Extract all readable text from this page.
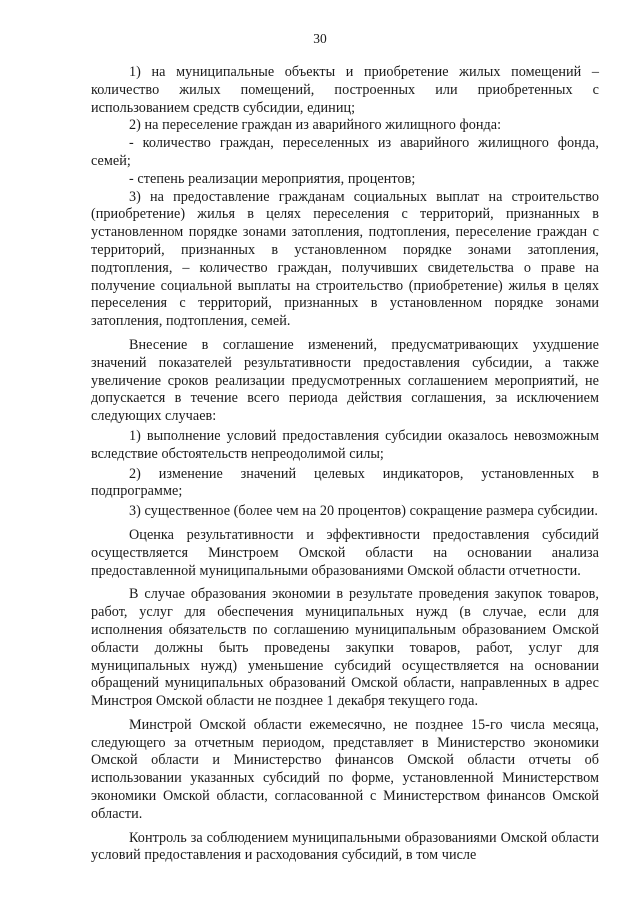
30

1) на муниципальные объекты и приобретение жилых помещений – количество жилых помещений, построенных или приобретенных с использованием средств субсидии, единиц;

2) на переселение граждан из аварийного жилищного фонда:

- количество граждан, переселенных из аварийного жилищного фонда, семей;

- степень реализации мероприятия, процентов;

3) на предоставление гражданам социальных выплат на строительство (приобретение) жилья в целях переселения с территорий, признанных в установленном порядке зонами затопления, подтопления, переселение граждан с территорий, признанных в установленном порядке зонами затопления, подтопления, – количество граждан, получивших свидетельства о праве на получение социальной выплаты на строительство (приобретение) жилья в целях переселения с территорий, признанных в установленном порядке зонами затопления, подтопления, семей.

Внесение в соглашение изменений, предусматривающих ухудшение значений показателей результативности предоставления субсидии, а также увеличение сроков реализации предусмотренных соглашением мероприятий, не допускается в течение всего периода действия соглашения, за исключением следующих случаев:

1) выполнение условий предоставления субсидии оказалось невозможным вследствие обстоятельств непреодолимой силы;

2) изменение значений целевых индикаторов, установленных в подпрограмме;

3) существенное (более чем на 20 процентов) сокращение размера субсидии.

Оценка результативности и эффективности предоставления субсидий осуществляется Минстроем Омской области на основании анализа предоставленной муниципальными образованиями Омской области отчетности.

В случае образования экономии в результате проведения закупок товаров, работ, услуг для обеспечения муниципальных нужд (в случае, если для исполнения обязательств по соглашению муниципальным образованием Омской области должны быть проведены закупки товаров, работ, услуг для муниципальных нужд) уменьшение субсидий осуществляется на основании обращений муниципальных образований Омской области, направленных в адрес Минстроя Омской области не позднее 1 декабря текущего года.

Минстрой Омской области ежемесячно, не позднее 15-го числа месяца, следующего за отчетным периодом, представляет в Министерство экономики Омской области и Министерство финансов Омской области отчеты об использовании указанных субсидий по форме, установленной Министерством экономики Омской области, согласованной с Министерством финансов Омской области.

Контроль за соблюдением муниципальными образованиями Омской области условий предоставления и расходования субсидий, в том числе
